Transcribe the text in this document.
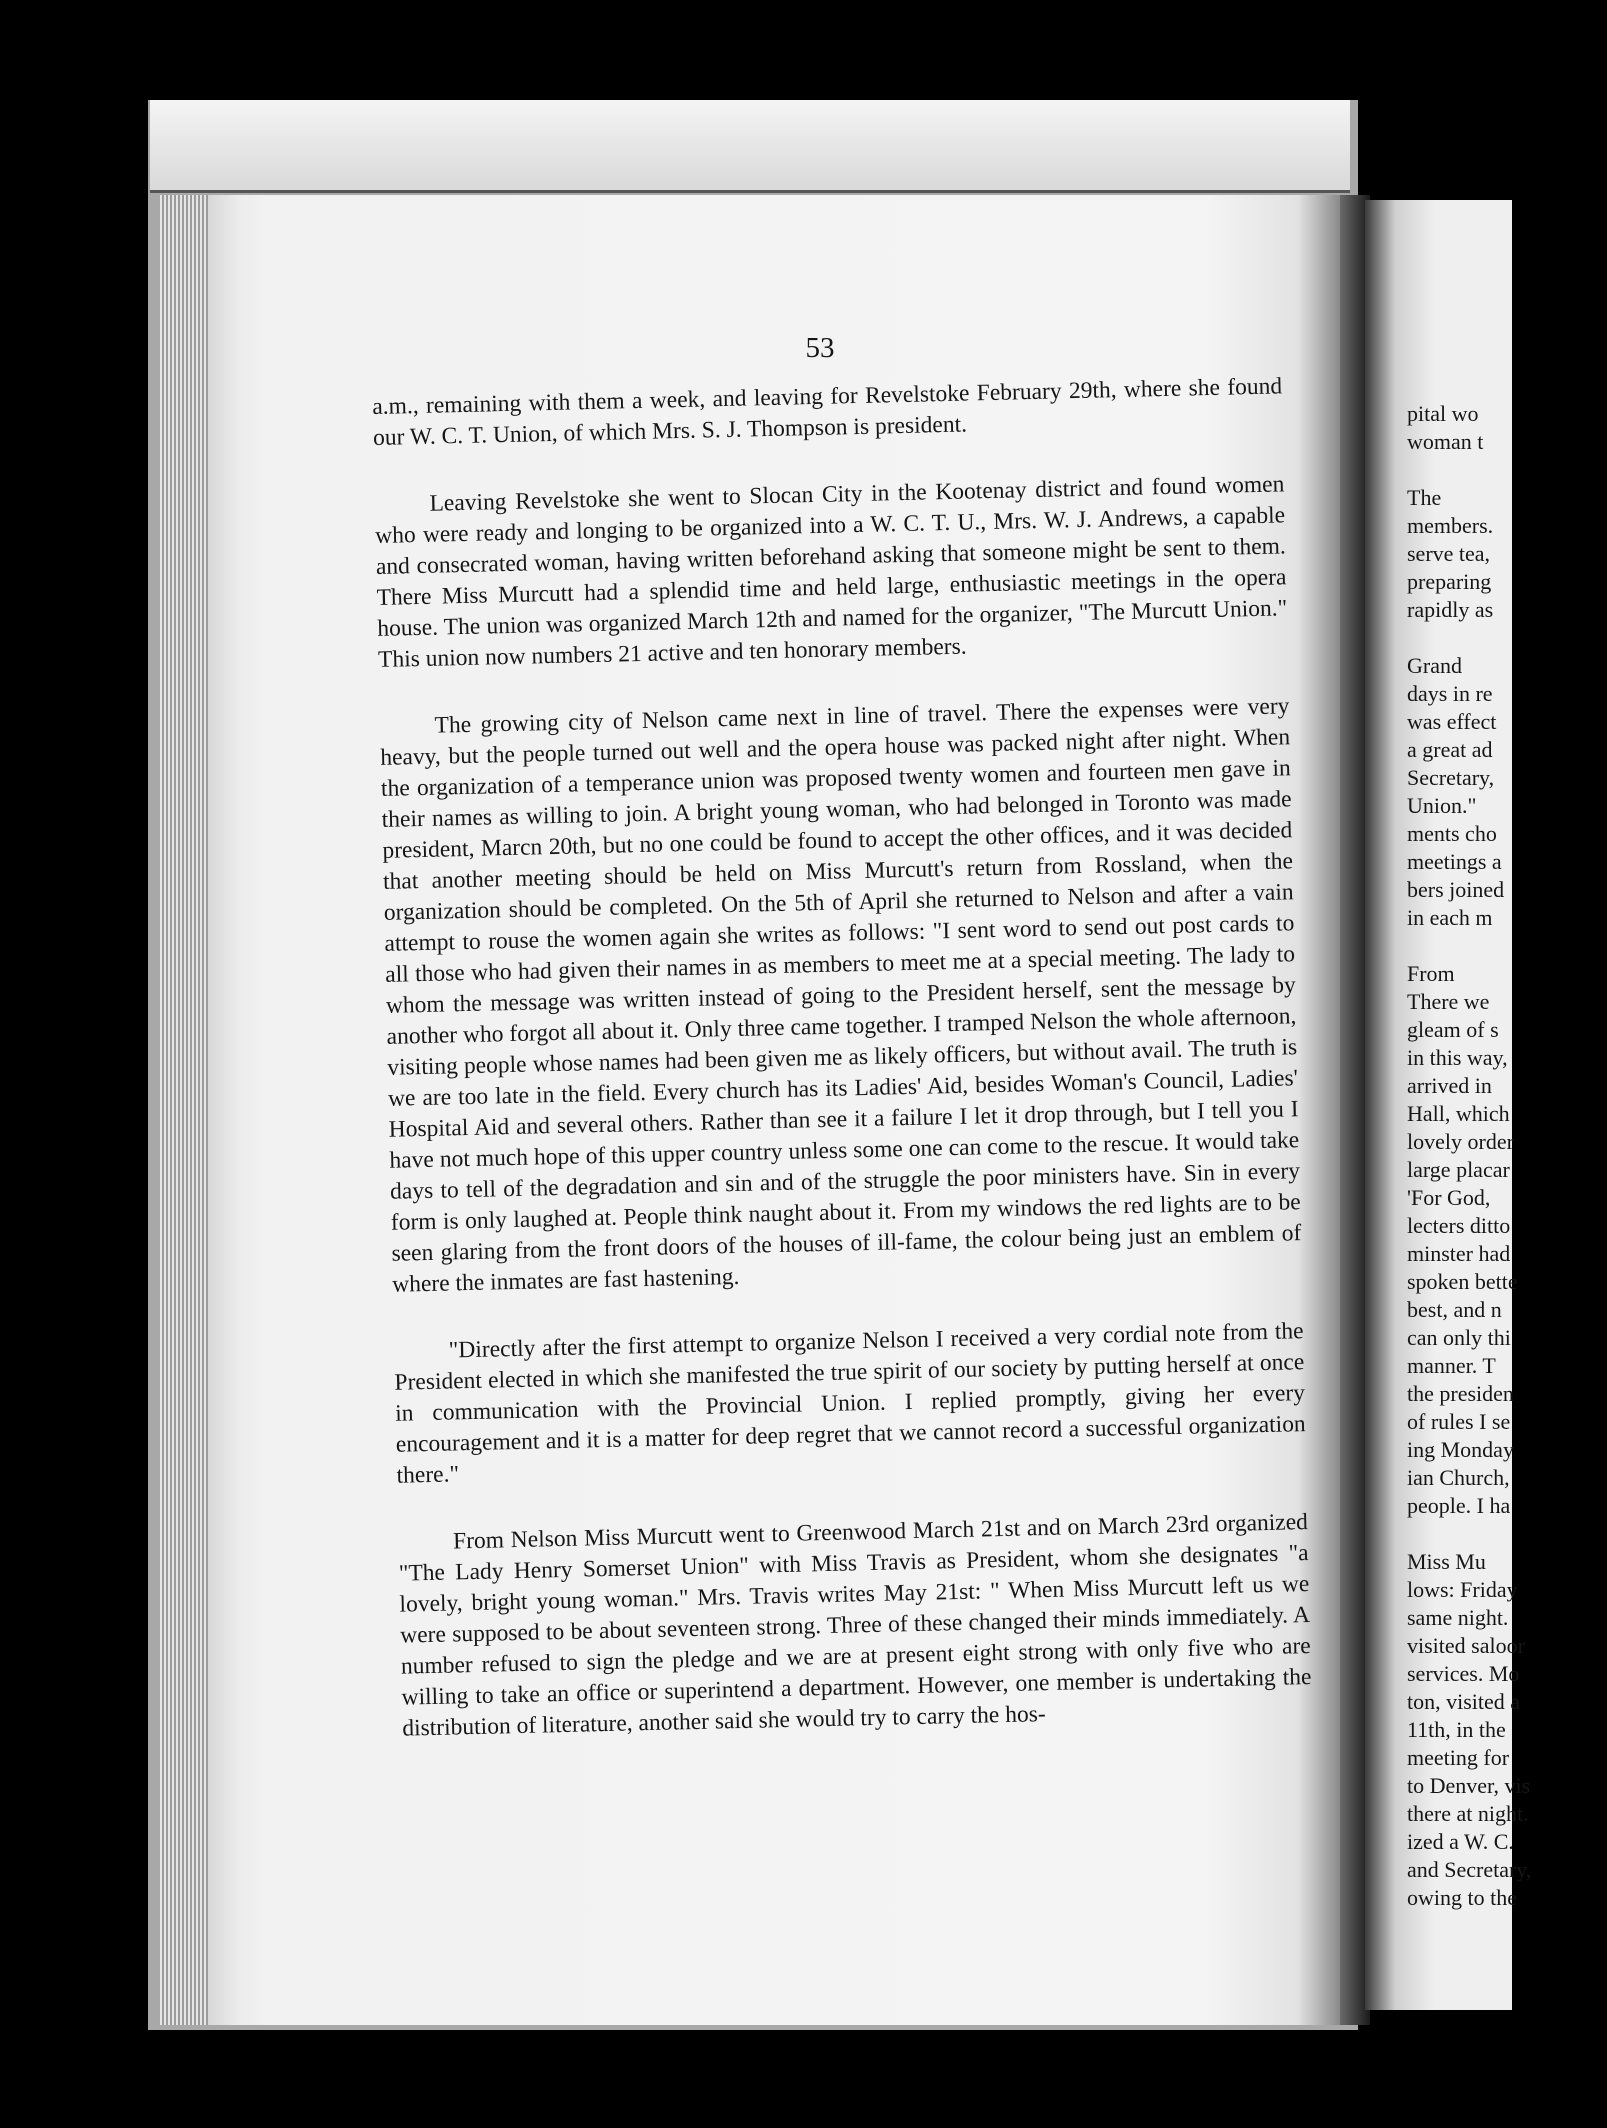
pital wo
woman t
The
members.
serve tea,
preparing
rapidly as
Grand
days in re
was effect
a great ad
Secretary,
Union."
ments cho
meetings a
bers joined
in each m
From
There we
gleam of s
in this way,
arrived in
Hall, which
lovely order
large placar
'For God,
lecters ditto
minster had
spoken bette
best, and n
can only thi
manner. T
the presiden
of rules I se
ing Monday
ian Church,
people. I ha
Miss Mu
lows: Friday
same night.
visited saloor
services. Mo
ton, visited a
11th, in the
meeting for
to Denver, vis
there at night.
ized a W. C.
and Secretary,
owing to the
53

a.m., remaining with them a week, and leaving for Revelstoke February 29th, where she found our W. C. T. Union, of which Mrs. S. J. Thompson is president.

Leaving Revelstoke she went to Slocan City in the Kootenay district and found women who were ready and longing to be organized into a W. C. T. U., Mrs. W. J. Andrews, a capable and consecrated woman, having written beforehand asking that someone might be sent to them. There Miss Murcutt had a splendid time and held large, enthusiastic meetings in the opera house. The union was organized March 12th and named for the organizer, "The Murcutt Union." This union now numbers 21 active and ten honorary members.

The growing city of Nelson came next in line of travel. There the expenses were very heavy, but the people turned out well and the opera house was packed night after night. When the organization of a temperance union was proposed twenty women and fourteen men gave in their names as willing to join. A bright young woman, who had belonged in Toronto was made president, Marcn 20th, but no one could be found to accept the other offices, and it was decided that another meeting should be held on Miss Murcutt's return from Rossland, when the organization should be completed. On the 5th of April she returned to Nelson and after a vain attempt to rouse the women again she writes as follows: "I sent word to send out post cards to all those who had given their names in as members to meet me at a special meeting. The lady to whom the message was written instead of going to the President herself, sent the message by another who forgot all about it. Only three came together. I tramped Nelson the whole afternoon, visiting people whose names had been given me as likely officers, but without avail. The truth is we are too late in the field. Every church has its Ladies' Aid, besides Woman's Council, Ladies' Hospital Aid and several others. Rather than see it a failure I let it drop through, but I tell you I have not much hope of this upper country unless some one can come to the rescue. It would take days to tell of the degradation and sin and of the struggle the poor ministers have. Sin in every form is only laughed at. People think naught about it. From my windows the red lights are to be seen glaring from the front doors of the houses of ill-fame, the colour being just an emblem of where the inmates are fast hastening.

"Directly after the first attempt to organize Nelson I received a very cordial note from the President elected in which she manifested the true spirit of our society by putting herself at once in communication with the Provincial Union. I replied promptly, giving her every encouragement and it is a matter for deep regret that we cannot record a successful organization there."

From Nelson Miss Murcutt went to Greenwood March 21st and on March 23rd organized "The Lady Henry Somerset Union" with Miss Travis as President, whom she designates "a lovely, bright young woman." Mrs. Travis writes May 21st: " When Miss Murcutt left us we were supposed to be about seventeen strong. Three of these changed their minds immediately. A number refused to sign the pledge and we are at present eight strong with only five who are willing to take an office or superintend a department. However, one member is undertaking the distribution of literature, another said she would try to carry the hos-
